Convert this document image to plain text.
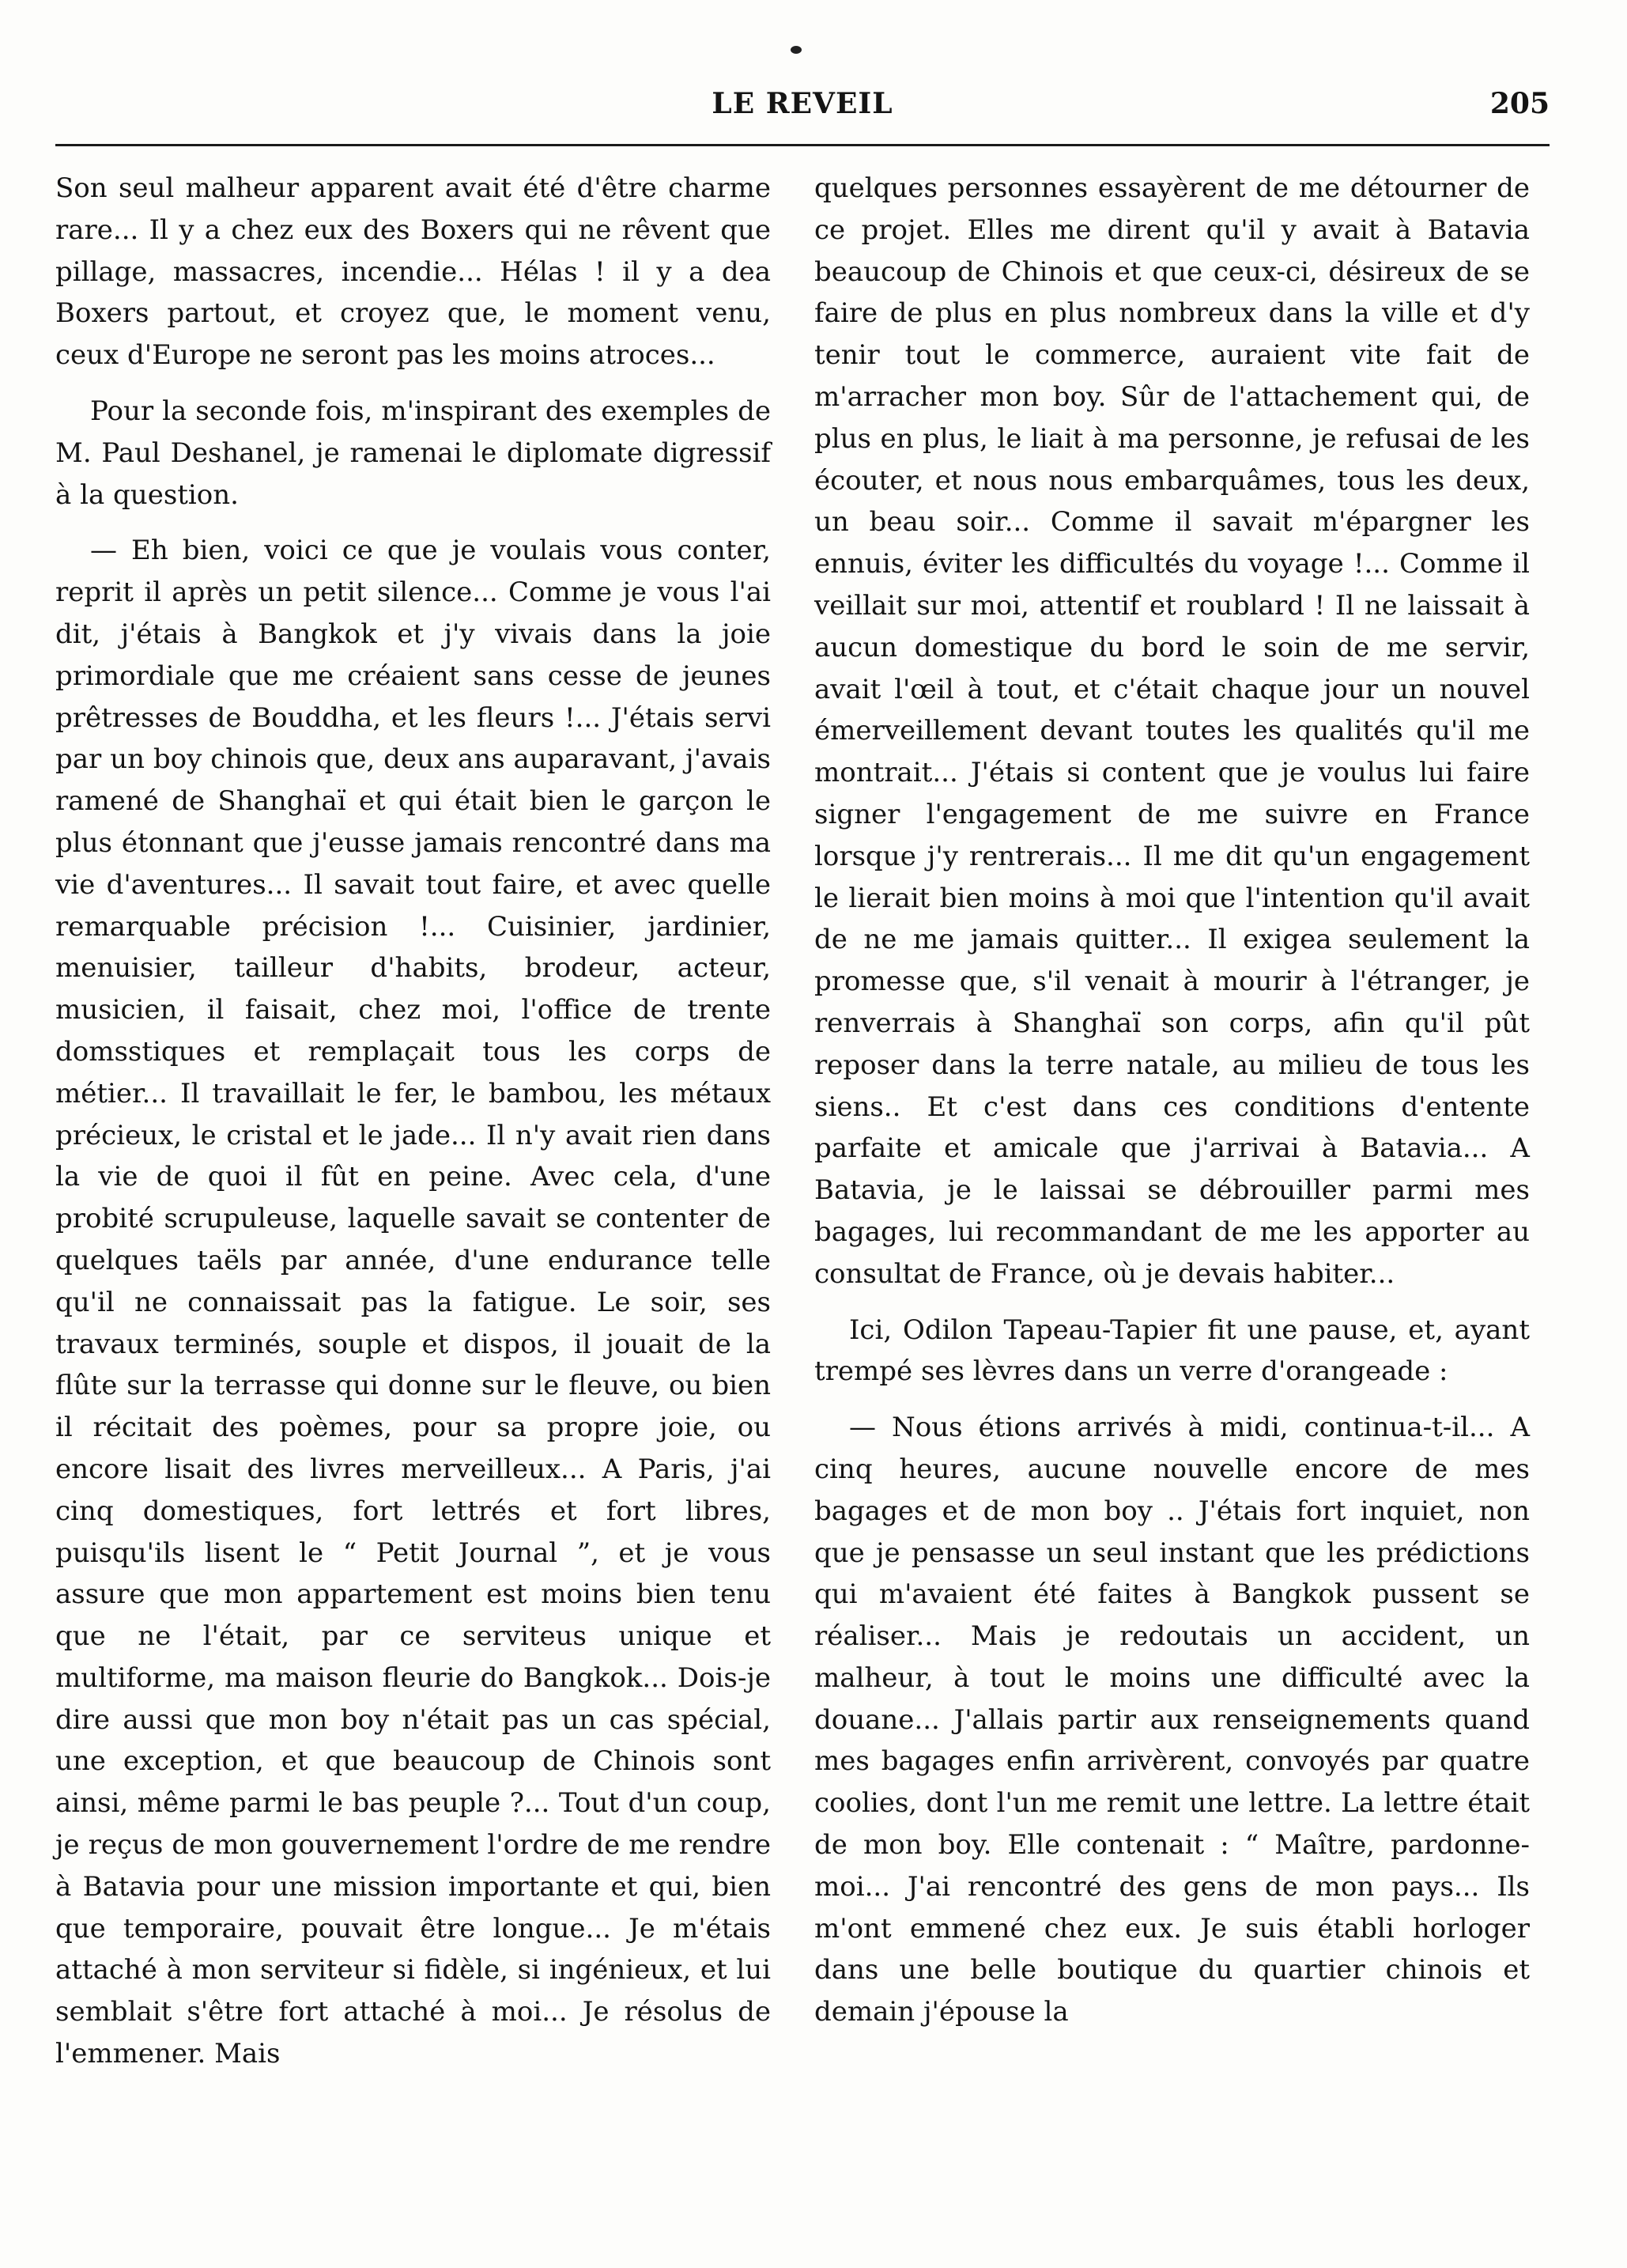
LE REVEIL	205

Son seul malheur apparent avait été d'être charme rare... Il y a chez eux des Boxers qui ne rêvent que pillage, massacres, incendie... Hélas ! il y a dea Boxers partout, et croyez que, le moment venu, ceux d'Europe ne seront pas les moins atroces...

Pour la seconde fois, m'inspirant des exemples de M. Paul Deshanel, je ramenai le diplomate digressif à la question.

— Eh bien, voici ce que je voulais vous conter, reprit il après un petit silence... Comme je vous l'ai dit, j'étais à Bangkok et j'y vivais dans la joie primordiale que me créaient sans cesse de jeunes prêtresses de Bouddha, et les fleurs !... J'étais servi par un boy chinois que, deux ans auparavant, j'avais ramené de Shanghaï et qui était bien le garçon le plus étonnant que j'eusse jamais rencontré dans ma vie d'aventures... Il savait tout faire, et avec quelle remarquable précision !... Cuisinier, jardinier, menuisier, tailleur d'habits, brodeur, acteur, musicien, il faisait, chez moi, l'office de trente domsstiques et remplaçait tous les corps de métier... Il travaillait le fer, le bambou, les métaux précieux, le cristal et le jade... Il n'y avait rien dans la vie de quoi il fût en peine. Avec cela, d'une probité scrupuleuse, laquelle savait se contenter de quelques taëls par année, d'une endurance telle qu'il ne connaissait pas la fatigue. Le soir, ses travaux terminés, souple et dispos, il jouait de la flûte sur la terrasse qui donne sur le fleuve, ou bien il récitait des poèmes, pour sa propre joie, ou encore lisait des livres merveilleux... A Paris, j'ai cinq domestiques, fort lettrés et fort libres, puisqu'ils lisent le “ Petit Journal ”, et je vous assure que mon appartement est moins bien tenu que ne l'était, par ce serviteus unique et multiforme, ma maison fleurie do Bangkok... Dois-je dire aussi que mon boy n'était pas un cas spécial, une exception, et que beaucoup de Chinois sont ainsi, même parmi le bas peuple ?... Tout d'un coup, je reçus de mon gouvernement l'ordre de me rendre à Batavia pour une mission importante et qui, bien que temporaire, pouvait être longue... Je m'étais attaché à mon serviteur si fidèle, si ingénieux, et lui semblait s'être fort attaché à moi... Je résolus de l'emmener. Mais

quelques personnes essayèrent de me détourner de ce projet. Elles me dirent qu'il y avait à Batavia beaucoup de Chinois et que ceux-ci, désireux de se faire de plus en plus nombreux dans la ville et d'y tenir tout le commerce, auraient vite fait de m'arracher mon boy. Sûr de l'attachement qui, de plus en plus, le liait à ma personne, je refusai de les écouter, et nous nous embarquâmes, tous les deux, un beau soir... Comme il savait m'épargner les ennuis, éviter les difficultés du voyage !... Comme il veillait sur moi, attentif et roublard ! Il ne laissait à aucun domestique du bord le soin de me servir, avait l'œil à tout, et c'était chaque jour un nouvel émerveillement devant toutes les qualités qu'il me montrait... J'étais si content que je voulus lui faire signer l'engagement de me suivre en France lorsque j'y rentrerais... Il me dit qu'un engagement le lierait bien moins à moi que l'intention qu'il avait de ne me jamais quitter... Il exigea seulement la promesse que, s'il venait à mourir à l'étranger, je renverrais à Shanghaï son corps, afin qu'il pût reposer dans la terre natale, au milieu de tous les siens.. Et c'est dans ces conditions d'entente parfaite et amicale que j'arrivai à Batavia... A Batavia, je le laissai se débrouiller parmi mes bagages, lui recommandant de me les apporter au consultat de France, où je devais habiter...

Ici, Odilon Tapeau-Tapier fit une pause, et, ayant trempé ses lèvres dans un verre d'orangeade :

— Nous étions arrivés à midi, continua-t-il... A cinq heures, aucune nouvelle encore de mes bagages et de mon boy .. J'étais fort inquiet, non que je pensasse un seul instant que les prédictions qui m'avaient été faites à Bangkok pussent se réaliser... Mais je redoutais un accident, un malheur, à tout le moins une difficulté avec la douane... J'allais partir aux renseignements quand mes bagages enfin arrivèrent, convoyés par quatre coolies, dont l'un me remit une lettre. La lettre était de mon boy. Elle contenait : “ Maître, pardonne-moi... J'ai rencontré des gens de mon pays... Ils m'ont emmené chez eux. Je suis établi horloger dans une belle boutique du quartier chinois et demain j'épouse la
